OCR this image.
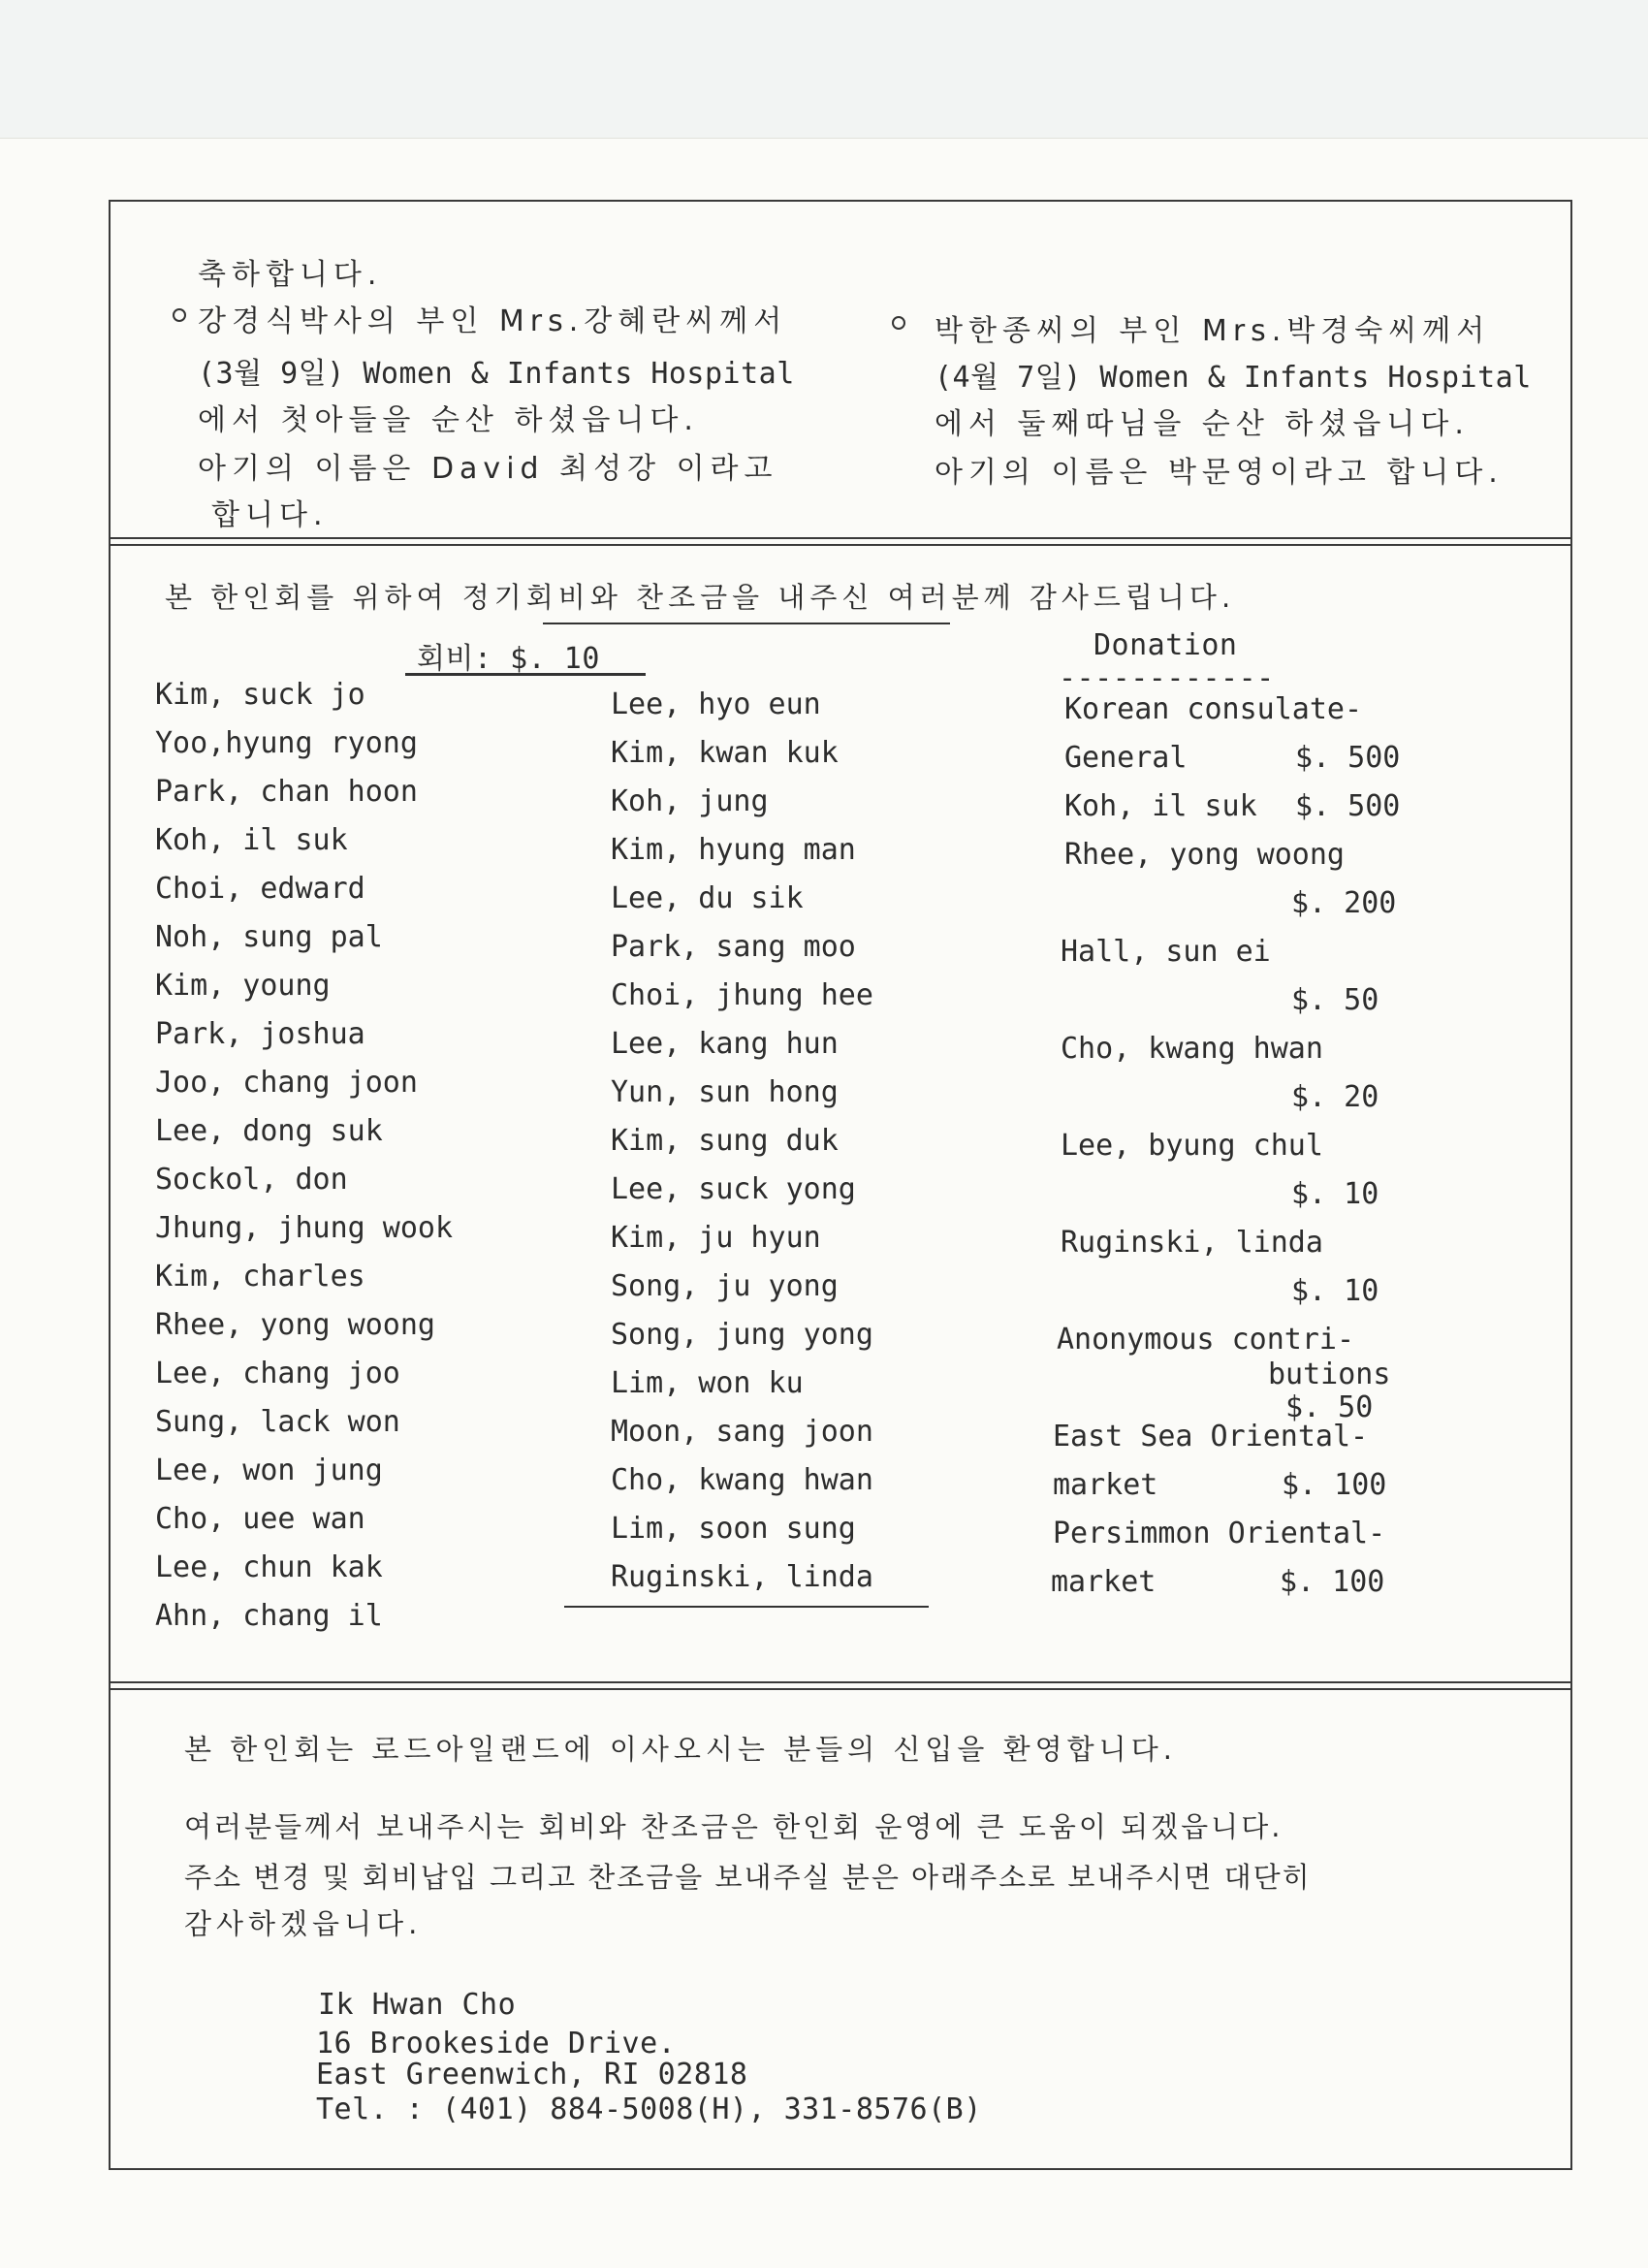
축하합니다.
강경식박사의 부인 Mrs.강혜란씨께서
(3월 9일) Women & Infants Hospital
에서 첫아들을 순산 하셨읍니다.
아기의 이름은 David 최성강 이라고
합니다.
박한종씨의 부인 Mrs.박경숙씨께서
(4월 7일) Women & Infants Hospital
에서 둘째따님을 순산 하셨읍니다.
아기의 이름은 박문영이라고 합니다.
본 한인회를 위하여 정기회비와 찬조금을 내주신 여러분께 감사드립니다.
회비: $. 10	Donation
------------
Kim, suck jo
Yoo,hyung ryong
Park, chan hoon
Koh, il suk
Choi, edward
Noh, sung pal
Kim, young
Park, joshua
Joo, chang joon
Lee, dong suk
Sockol, don
Jhung, jhung wook
Kim, charles
Rhee, yong woong
Lee, chang joo
Sung, lack won
Lee, won jung
Cho, uee wan
Lee, chun kak
Ahn, chang il
Lee, hyo eun
Kim, kwan kuk
Koh, jung
Kim, hyung man
Lee, du sik
Park, sang moo
Choi, jhung hee
Lee, kang hun
Yun, sun hong
Kim, sung duk
Lee, suck yong
Kim, ju hyun
Song, ju yong
Song, jung yong
Lim, won ku
Moon, sang joon
Cho, kwang hwan
Lim, soon sung
Ruginski, linda
Korean consulate-
General	$. 500
Koh, il suk $. 500
Rhee, yong woong
$. 200
Hall, sun ei
$. 50
Cho, kwang hwan
$. 20
Lee, byung chul
$. 10
Ruginski, linda
$. 10
Anonymous contri-
butions
$. 50
East Sea Oriental-
market	$. 100
Persimmon Oriental-
market	$. 100
본 한인회는 로드아일랜드에 이사오시는 분들의 신입을 환영합니다.
여러분들께서 보내주시는 회비와 찬조금은 한인회 운영에 큰 도움이 되겠읍니다.
주소 변경 및 회비납입 그리고 찬조금을 보내주실 분은 아래주소로 보내주시면 대단히
감사하겠읍니다.
Ik Hwan Cho
16 Brookeside Drive.
East Greenwich, RI 02818
Tel. : (401) 884-5008(H), 331-8576(B)
